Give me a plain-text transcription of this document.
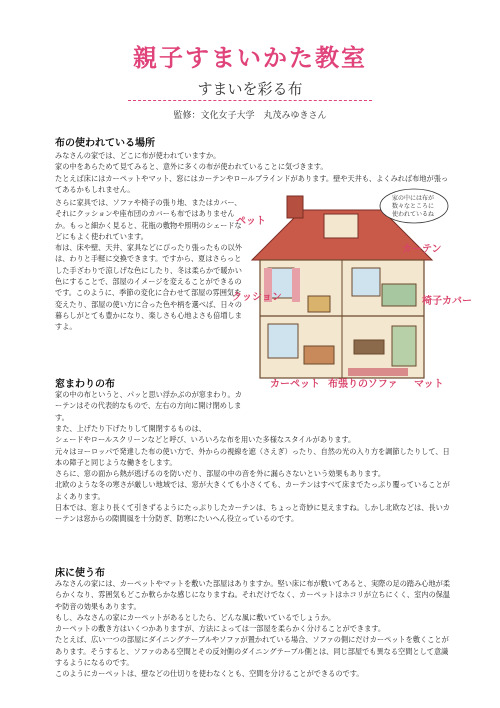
親子すまいかた教室
すまいを彩る布
監修：文化女子大学　丸茂みゆきさん
布の使われている場所
みなさんの家では、どこに布が使われていますか。
家の中をあらためて見てみると、意外に多くの布が使われていることに気づきます。
たとえば床にはカーペットやマット、窓にはカーテンやロールブラインドがあります。壁や天井も、よくみれば布地が張ってあるかもしれません。
さらに家具では、ソファや椅子の張り地、またはカバー、それにクッションや座布団のカバーも布ではありませんか。もっと細かく見ると、花瓶の敷物や照明のシェードなどにもよく使われています。
布は、床や壁、天井、家具などにぴったり張ったもの以外は、わりと手軽に交換できます。ですから、夏はさらっとした手ざわりで涼しげな色にしたり、冬は柔らかで暖かい色にすることで、部屋のイメージを変えることができるのです。このように、季節の変化に合わせて部屋の雰囲気を変えたり、部屋の使い方に合った色や柄を選べば、日々の暮らしがとても豊かになり、楽しさも心地よさも倍増しますよ。
窓まわりの布
家の中の布というと、パッと思い浮かぶのが窓まわり。カーテンはその代表的なもので、左右の方向に開け閉めします。
また、上げたり下げたりして開閉するものは、
シェードやロールスクリーンなどと呼び、いろいろな布を用いた多様なスタイルがあります。
元々はヨーロッパで発達した布の使い方で、外からの視線を遮（さえぎ）ったり、自然の光の入り方を調節したりして、日本の障子と同じような働きをします。
さらに、窓の面から熱が逃げるのを防いだり、部屋の中の音を外に漏らさないという効果もあります。
北欧のような冬の寒さが厳しい地域では、窓が大きくても小さくても、カーテンはすべて床までたっぷり覆っていることがよくあります。
日本では、窓より長くて引きずるようにたっぷりしたカーテンは、ちょっと奇妙に見えますね。しかし北欧などは、長いカーテンは窓からの隙間風を十分防ぎ、防寒にたいへん役立っているのです。
床に使う布
みなさんの家には、カーペットやマットを敷いた部屋はありますか。堅い床に布が敷いてあると、実際の足の踏み心地が柔らかくなり、雰囲気もどこか軟らかな感じになりますね。それだけでなく、カーペットはホコリが立ちにくく、室内の保温や防音の効果もあります。
もし、みなさんの家にカーペットがあるとしたら、どんな風に敷いているでしょうか。
カーペットの敷き方はいくつかありますが、方法によっては一部屋を柔らかく分けることができます。
たとえば、広い一つの部屋にダイニングテーブルやソファが置かれている場合、ソファの側にだけカーペットを敷くことがあります。そうすると、ソファのある空間とその反対側のダイニングテーブル側とは、同じ部屋でも異なる空間として意識するようになるのです。
このようにカーペットは、壁などの仕切りを使わなくとも、空間を分けることができるのです。
家の中には布が
数々なところに
使われているね
ペット
カーテン
クッション	椅子カバー
カーペット 布張りのソファ マット
